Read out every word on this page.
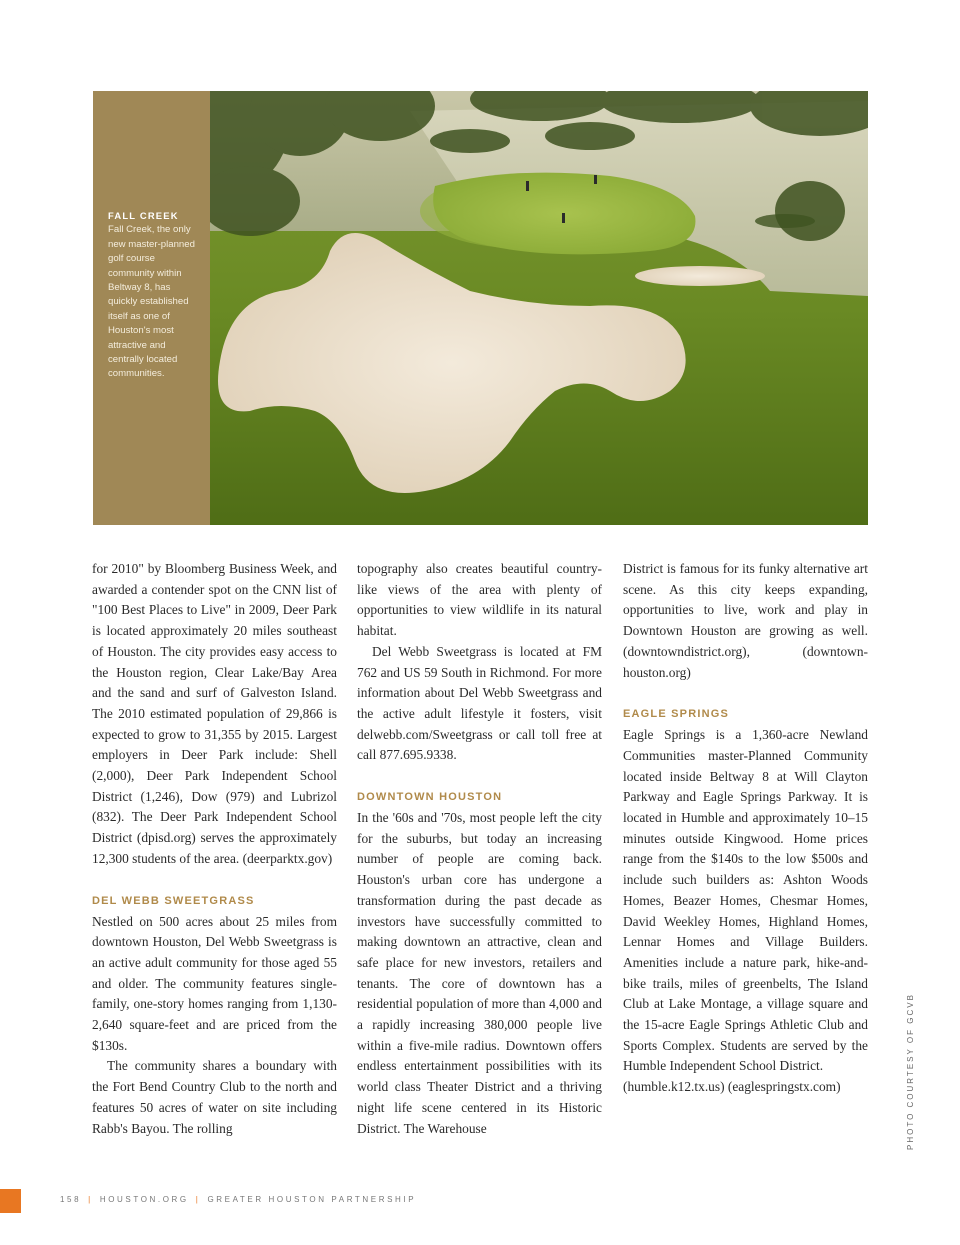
FALL CREEK
Fall Creek, the only new master-planned golf course community within Beltway 8, has quickly established itself as one of Houston's most attractive and centrally located communities.

for 2010" by Bloomberg Business Week, and awarded a contender spot on the CNN list of "100 Best Places to Live" in 2009, Deer Park is located approximately 20 miles southeast of Houston. The city provides easy access to the Houston region, Clear Lake/Bay Area and the sand and surf of Galveston Island. The 2010 estimated population of 29,866 is expected to grow to 31,355 by 2015. Largest employers in Deer Park include: Shell (2,000), Deer Park Independent School District (1,246), Dow (979) and Lubrizol (832). The Deer Park Independent School District (dpisd.org) serves the approximately 12,300 students of the area. (deerparktx.gov)

DEL WEBB SWEETGRASS

Nestled on 500 acres about 25 miles from downtown Houston, Del Webb Sweetgrass is an active adult community for those aged 55 and older. The community features single-family, one-story homes ranging from 1,130-2,640 square-feet and are priced from the $130s.

The community shares a boundary with the Fort Bend Country Club to the north and features 50 acres of water on site including Rabb's Bayou. The rolling

topography also creates beautiful country-like views of the area with plenty of opportunities to view wildlife in its natural habitat.

Del Webb Sweetgrass is located at FM 762 and US 59 South in Richmond. For more information about Del Webb Sweetgrass and the active adult lifestyle it fosters, visit delwebb.com/Sweetgrass or call toll free at call 877.695.9338.

DOWNTOWN HOUSTON

In the '60s and '70s, most people left the city for the suburbs, but today an increasing number of people are coming back. Houston's urban core has undergone a transformation during the past decade as investors have successfully committed to making downtown an attractive, clean and safe place for new investors, retailers and tenants. The core of downtown has a residential population of more than 4,000 and a rapidly increasing 380,000 people live within a five-mile radius. Downtown offers endless entertainment possibilities with its world class Theater District and a thriving night life scene centered in its Historic District. The Warehouse

District is famous for its funky alternative art scene. As this city keeps expanding, opportunities to live, work and play in Downtown Houston are growing as well. (downtowndistrict.org), (downtown-houston.org)

EAGLE SPRINGS

Eagle Springs is a 1,360-acre Newland Communities master-Planned Community located inside Beltway 8 at Will Clayton Parkway and Eagle Springs Parkway. It is located in Humble and approximately 10–15 minutes outside Kingwood. Home prices range from the $140s to the low $500s and include such builders as: Ashton Woods Homes, Beazer Homes, Chesmar Homes, David Weekley Homes, Highland Homes, Lennar Homes and Village Builders. Amenities include a nature park, hike-and-bike trails, miles of greenbelts, The Island Club at Lake Montage, a village square and the 15-acre Eagle Springs Athletic Club and Sports Complex. Students are served by the Humble Independent School District.

(humble.k12.tx.us) (eaglespringstx.com)	PHOTO COURTESY OF GCVB
158 | HOUSTON.ORG | GREATER HOUSTON PARTNERSHIP
